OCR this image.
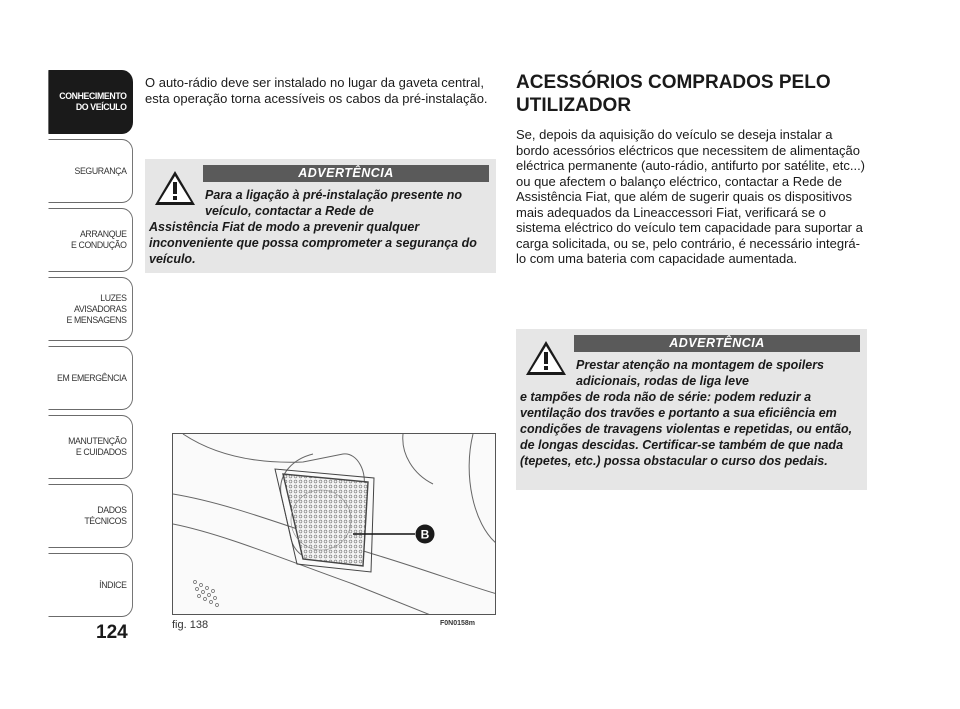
CONHECIMENTO
DO VEÍCULO
SEGURANÇA
ARRANQUE
E CONDUÇÃO
LUZES
AVISADORAS
E MENSAGENS
EM EMERGÊNCIA
MANUTENÇÃO
E CUIDADOS
DADOS
TÉCNICOS
ÍNDICE
124
O auto-rádio deve ser instalado no lugar da gaveta central, esta operação torna acessíveis os cabos da pré-instalação.
ADVERTÊNCIA
Para a ligação à pré-instalação presente no veículo, contactar a Rede de
Assistência Fiat de modo a prevenir qualquer inconveniente que possa comprometer a segurança do veículo.
B
fig. 138	F0N0158m
ACESSÓRIOS COMPRADOS PELO UTILIZADOR
Se, depois da aquisição do veículo se deseja instalar a bordo acessórios eléctricos que necessitem de alimentação eléctrica permanente (auto-rádio, antifurto por satélite, etc...) ou que afectem o balanço eléctrico, contactar a Rede de Assistência Fiat, que além de sugerir quais os dispositivos mais adequados da Lineaccessori Fiat, verificará se o sistema eléctrico do veículo tem capacidade para suportar a carga solicitada, ou se, pelo contrário, é necessário integrá-lo com uma bateria com capacidade aumentada.
ADVERTÊNCIA
Prestar atenção na montagem de spoilers adicionais, rodas de liga leve
e tampões de roda não de série: podem reduzir a ventilação dos travões e portanto a sua eficiência em condições de travagens violentas e repetidas, ou então, de longas descidas. Certificar-se também de que nada (tepetes, etc.) possa obstacular o curso dos pedais.
